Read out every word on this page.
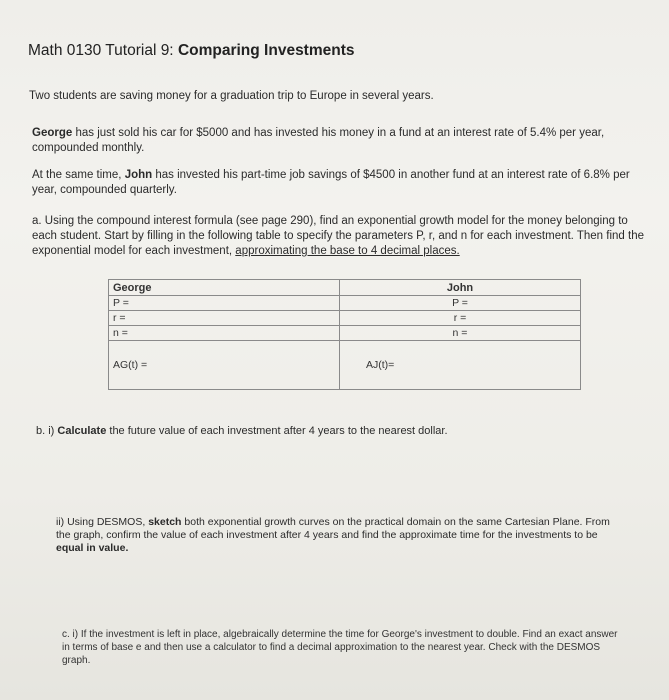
Math 0130 Tutorial 9: Comparing Investments
Two students are saving money for a graduation trip to Europe in several years.
George has just sold his car for $5000 and has invested his money in a fund at an interest rate of 5.4% per year, compounded monthly.
At the same time, John has invested his part-time job savings of $4500 in another fund at an interest rate of 6.8% per year, compounded quarterly.
a. Using the compound interest formula (see page 290), find an exponential growth model for the money belonging to each student. Start by filling in the following table to specify the parameters P, r, and n for each investment. Then find the exponential model for each investment, approximating the base to 4 decimal places.
George	John
P =	P =
r =	r =
n =	n =
AG(t) =	AJ(t)=
b. i) Calculate the future value of each investment after 4 years to the nearest dollar.
ii) Using DESMOS, sketch both exponential growth curves on the practical domain on the same Cartesian Plane. From the graph, confirm the value of each investment after 4 years and find the approximate time for the investments to be equal in value.
c. i) If the investment is left in place, algebraically determine the time for George's investment to double. Find an exact answer in terms of base e and then use a calculator to find a decimal approximation to the nearest year. Check with the DESMOS graph.
